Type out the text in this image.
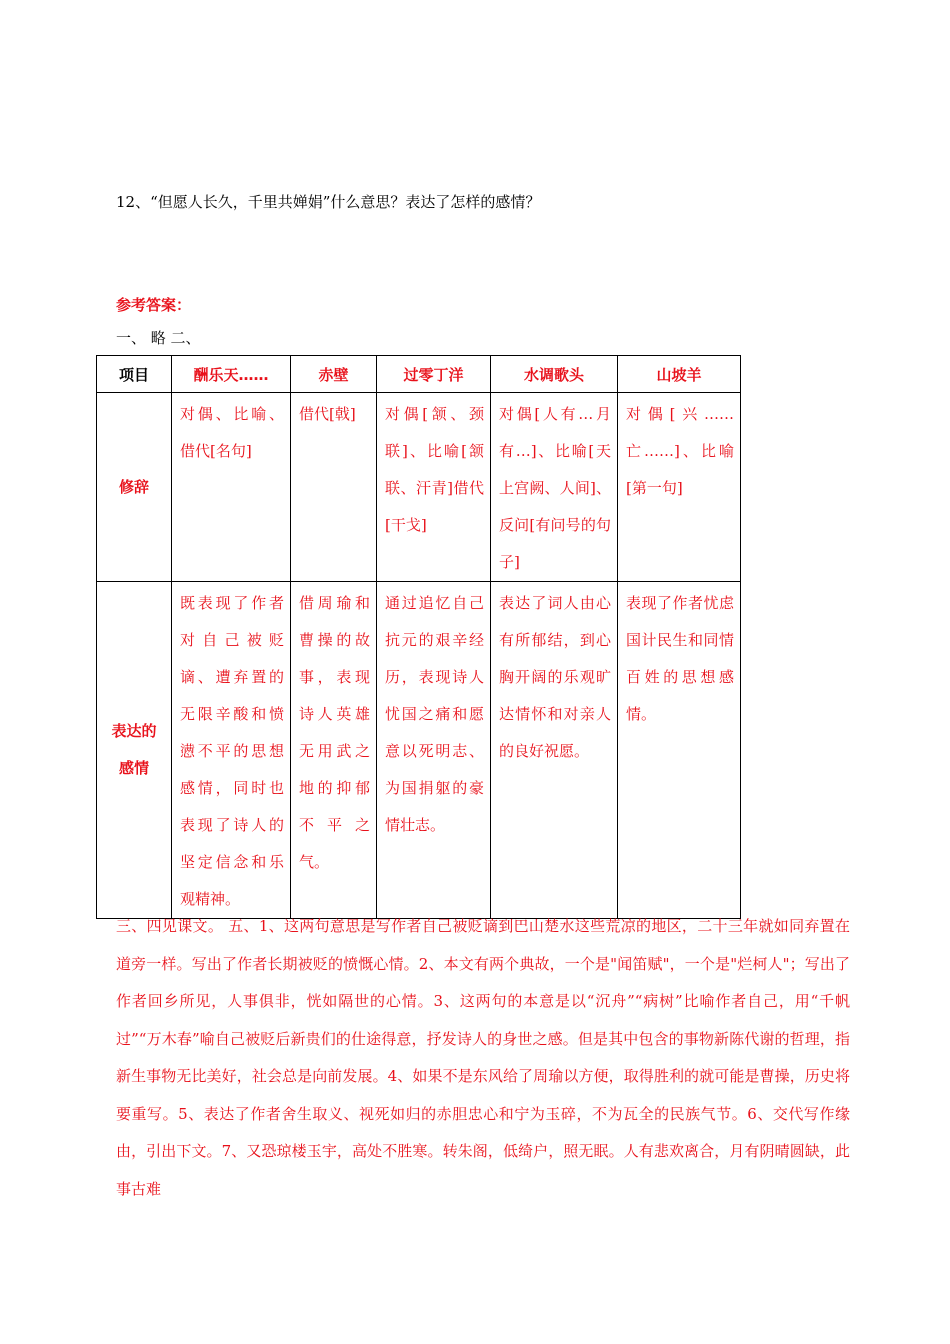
12、“但愿人长久，千里共婵娟”什么意思？表达了怎样的感情？
参考答案：
一、 略 二、
项目	酬乐天……	赤壁	过零丁洋	水调歌头	山坡羊
修辞	对偶、比喻、借代[名句]	借代[戟]	对偶[颔、颈联]、比喻[颔联、汗青]借代[干戈]	对偶[人有…月有…]、比喻[天上宫阙、人间]、反问[有问号的句子]	对偶[兴……亡……]、比喻[第一句]

表达的感情	既表现了作者对自己被贬谪、遭弃置的无限辛酸和愤懑不平的思想感情，同时也表现了诗人的坚定信念和乐观精神。	借周瑜和曹操的故事，表现诗人英雄无用武之地的抑郁不平之气。	通过追忆自己抗元的艰辛经历，表现诗人忧国之痛和愿意以死明志、为国捐躯的豪情壮志。	表达了词人由心有所郁结，到心胸开阔的乐观旷达情怀和对亲人的良好祝愿。	表现了作者忧虑国计民生和同情百姓的思想感情。
三、四见课文。 五、1、这两句意思是写作者自己被贬谪到巴山楚水这些荒凉的地区，二十三年就如同弃置在道旁一样。写出了作者长期被贬的愤慨心情。2、本文有两个典故，一个是"闻笛赋"，一个是"烂柯人"；写出了作者回乡所见，人事俱非，恍如隔世的心情。3、这两句的本意是以“沉舟”“病树”比喻作者自己，用“千帆过”“万木春”喻自己被贬后新贵们的仕途得意，抒发诗人的身世之感。但是其中包含的事物新陈代谢的哲理，指新生事物无比美好，社会总是向前发展。4、如果不是东风给了周瑜以方便，取得胜利的就可能是曹操，历史将要重写。5、表达了作者舍生取义、视死如归的赤胆忠心和宁为玉碎，不为瓦全的民族气节。6、交代写作缘由，引出下文。7、又恐琼楼玉宇，高处不胜寒。转朱阁，低绮户，照无眠。人有悲欢离合，月有阴晴圆缺，此事古难
